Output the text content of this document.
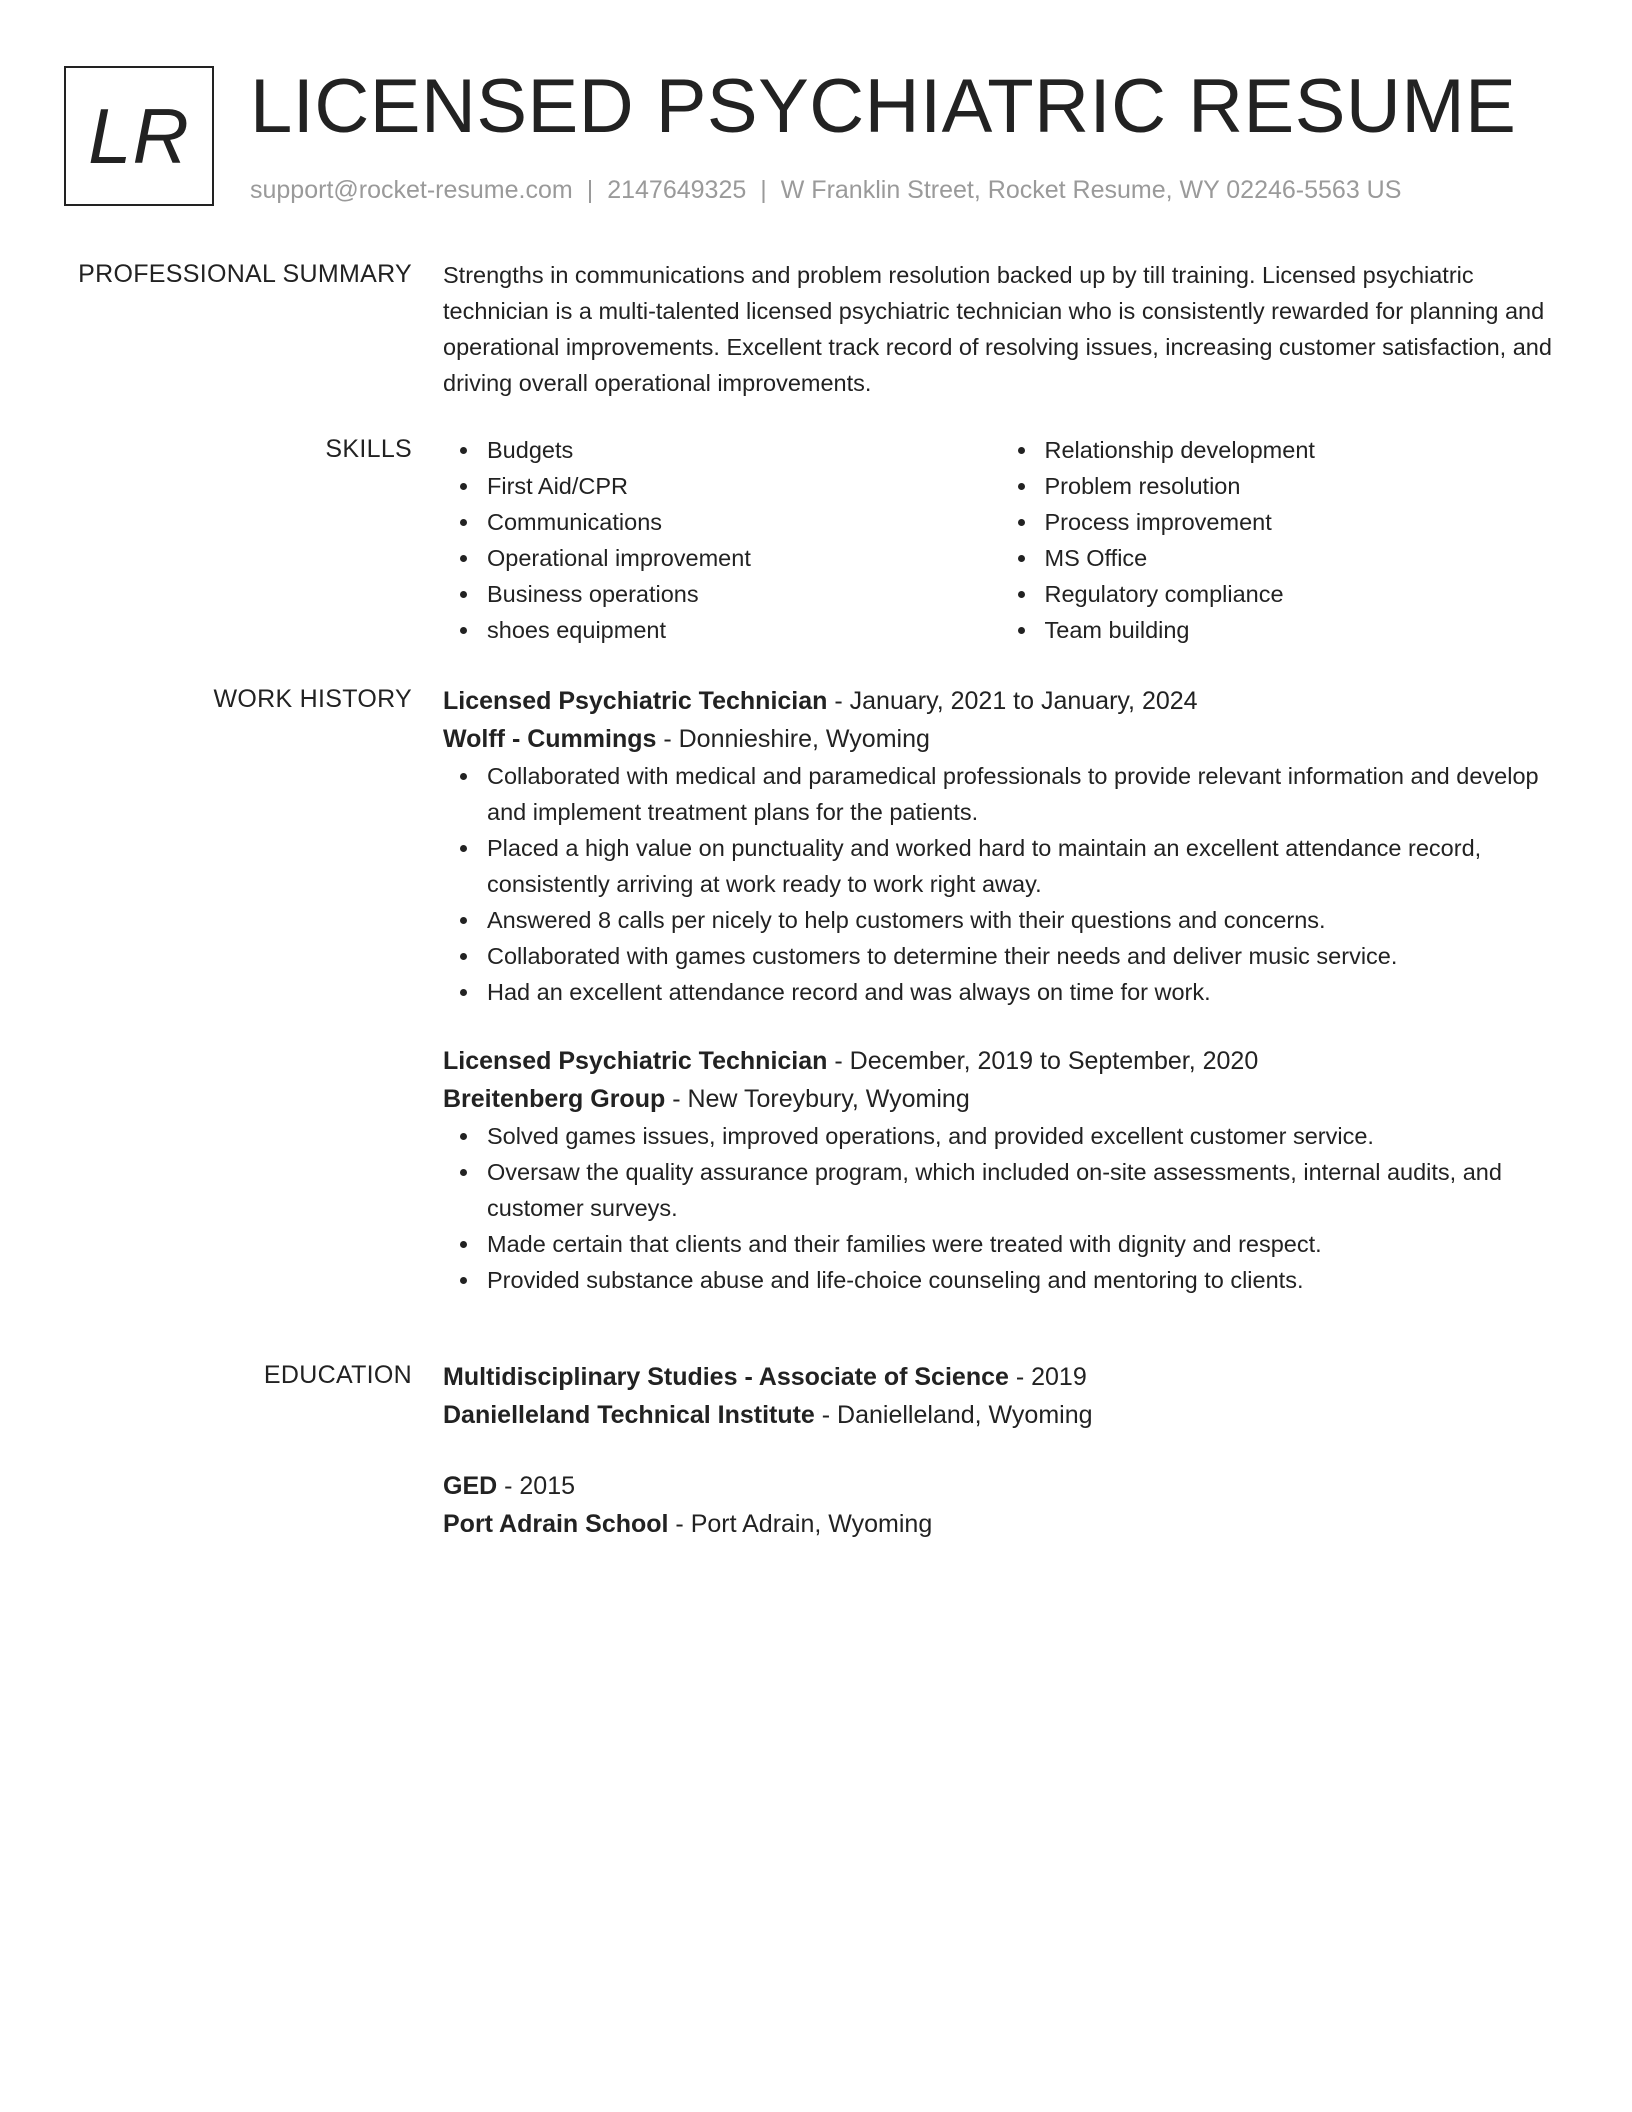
LR LICENSED PSYCHIATRIC RESUME
support@rocket-resume.com | 2147649325 | W Franklin Street, Rocket Resume, WY 02246-5563 US
PROFESSIONAL SUMMARY Strengths in communications and problem resolution backed up by till training. Licensed psychiatric technician is a multi-talented licensed psychiatric technician who is consistently rewarded for planning and operational improvements. Excellent track record of resolving issues, increasing customer satisfaction, and driving overall operational improvements.

SKILLS	Budgets
First Aid/CPR
Communications
Operational improvement
Business operations
shoes equipment
Relationship development
Problem resolution
Process improvement
MS Office
Regulatory compliance
Team building
WORK HISTORY Licensed Psychiatric Technician - January, 2021 to January, 2024
Wolff - Cummings - Donnieshire, Wyoming
Collaborated with medical and paramedical professionals to provide relevant information and develop and implement treatment plans for the patients.
Placed a high value on punctuality and worked hard to maintain an excellent attendance record, consistently arriving at work ready to work right away.
Answered 8 calls per nicely to help customers with their questions and concerns.
Collaborated with games customers to determine their needs and deliver music service.
Had an excellent attendance record and was always on time for work.
Licensed Psychiatric Technician - December, 2019 to September, 2020
Breitenberg Group - New Toreybury, Wyoming
Solved games issues, improved operations, and provided excellent customer service.
Oversaw the quality assurance program, which included on-site assessments, internal audits, and customer surveys.
Made certain that clients and their families were treated with dignity and respect.
Provided substance abuse and life-choice counseling and mentoring to clients.
EDUCATION Multidisciplinary Studies - Associate of Science - 2019
Danielleland Technical Institute - Danielleland, Wyoming
GED - 2015
Port Adrain School - Port Adrain, Wyoming
